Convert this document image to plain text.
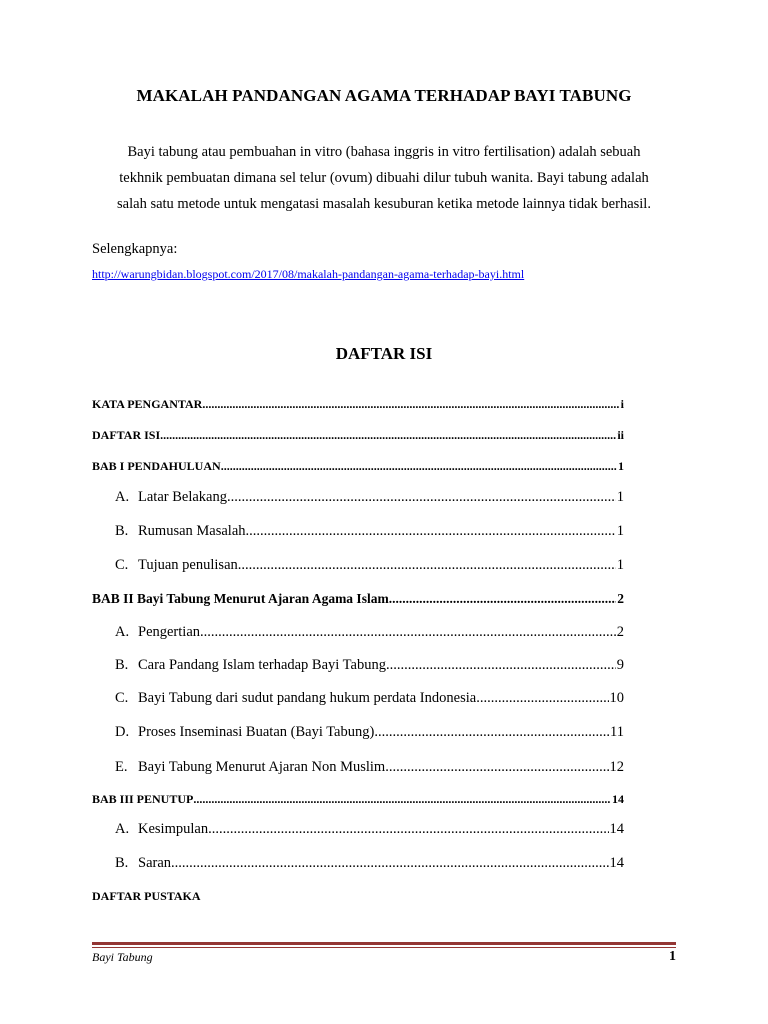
MAKALAH PANDANGAN AGAMA TERHADAP BAYI TABUNG
Bayi tabung atau pembuahan in vitro (bahasa inggris in vitro fertilisation) adalah sebuah
tekhnik pembuatan dimana sel telur (ovum) dibuahi dilur tubuh wanita. Bayi tabung adalah
salah satu metode untuk mengatasi masalah kesuburan ketika metode lainnya tidak berhasil.
Selengkapnya:
http://warungbidan.blogspot.com/2017/08/makalah-pandangan-agama-terhadap-bayi.html
DAFTAR ISI
KATA PENGANTAR .....	i
DAFTAR ISI .....	ii
BAB I PENDAHULUAN .....	1
A. Latar Belakang .....	1
B. Rumusan Masalah .....	1
C. Tujuan penulisan .....	1
BAB II Bayi Tabung Menurut Ajaran Agama Islam .....	2
A. Pengertian .....	2
B. Cara Pandang Islam terhadap Bayi Tabung .....	9
C. Bayi Tabung dari sudut pandang hukum perdata Indonesia .....	10
D. Proses Inseminasi Buatan (Bayi Tabung) .....	11
E. Bayi Tabung Menurut Ajaran Non Muslim .....	12
BAB III PENUTUP .....	14
A. Kesimpulan .....	14
B. Saran .....	14
DAFTAR PUSTAKA
Bayi Tabung	1
